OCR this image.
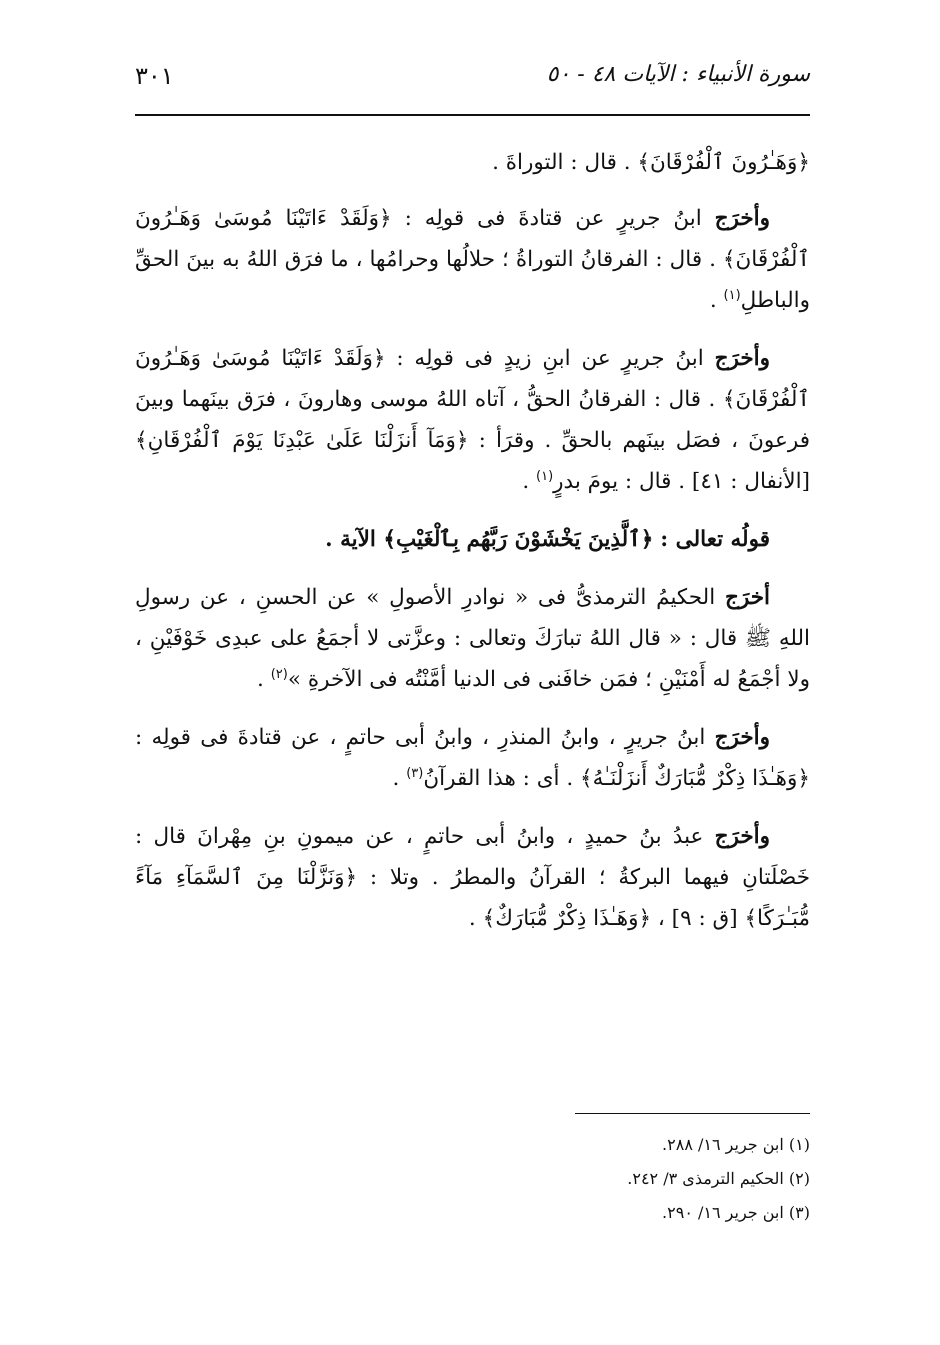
سورة الأنبياء : الآيات ٤٨ - ٥٠
٣٠١

﴿وَهَـٰرُونَ ٱلْفُرْقَانَ﴾ . قال : التوراةَ .

وأخرَج ابنُ جريرٍ عن قتادةَ فى قولِه : ﴿وَلَقَدْ ءَاتَيْنَا مُوسَىٰ وَهَـٰرُونَ ٱلْفُرْقَانَ﴾ . قال : الفرقانُ التوراةُ ؛ حلالُها وحرامُها ، ما فرَق اللهُ به بينَ الحقِّ والباطلِ$^{(١)}$ .

وأخرَج ابنُ جريرٍ عن ابنِ زيدٍ فى قولِه : ﴿وَلَقَدْ ءَاتَيْنَا مُوسَىٰ وَهَـٰرُونَ ٱلْفُرْقَانَ﴾ . قال : الفرقانُ الحقُّ ، آتاه اللهُ موسى وهارونَ ، فرَق بينَهما وبينَ فرعونَ ، فصَل بينَهم بالحقِّ . وقرَأ : ﴿وَمَآ أَنزَلْنَا عَلَىٰ عَبْدِنَا يَوْمَ ٱلْفُرْقَانِ﴾ [الأنفال : ٤١] . قال : يومَ بدرٍ$^{(١)}$ .

قولُه تعالى : ﴿ٱلَّذِينَ يَخْشَوْنَ رَبَّهُم بِٱلْغَيْبِ﴾ الآية .

أخرَج الحكيمُ الترمذىُّ فى « نوادرِ الأصولِ » عن الحسنِ ، عن رسولِ اللهِ ﷺ قال : « قال اللهُ تبارَكَ وتعالى : وعزَّتى لا أجمَعُ على عبدِى خَوْفَيْنِ ، ولا أجْمَعُ له أَمْنَيْنِ ؛ فمَن خافَنى فى الدنيا أمَّنْتُه فى الآخرةِ »$^{(٢)}$ .

وأخرَج ابنُ جريرٍ ، وابنُ المنذرِ ، وابنُ أبى حاتمٍ ، عن قتادةَ فى قولِه : ﴿وَهَـٰذَا ذِكْرٌ مُّبَارَكٌ أَنزَلْنَـٰهُ﴾ . أى : هذا القرآنُ$^{(٣)}$ .

وأخرَج عبدُ بنُ حميدٍ ، وابنُ أبى حاتمٍ ، عن ميمونِ بنِ مِهْرانَ قال : خَصْلَتانِ فيهما البركةُ ؛ القرآنُ والمطرُ . وتلا : ﴿وَنَزَّلْنَا مِنَ ٱلسَّمَآءِ مَآءً مُّبَـٰرَكًا﴾ [ق : ٩] ، ﴿وَهَـٰذَا ذِكْرٌ مُّبَارَكٌ﴾ .

(١) ابن جرير ١٦/ ٢٨٨.
(٢) الحكيم الترمذى ٣/ ٢٤٢.
(٣) ابن جرير ١٦/ ٢٩٠.
